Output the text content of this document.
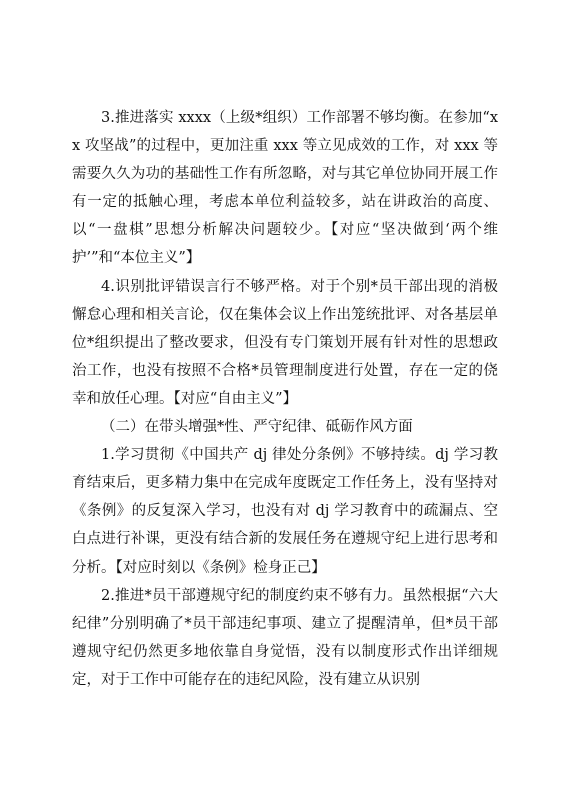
3.推进落实 xxxx（上级*组织）工作部署不够均衡。在参加“xx 攻坚战”的过程中，更加注重 xxx 等立见成效的工作，对 xxx 等需要久久为功的基础性工作有所忽略，对与其它单位协同开展工作有一定的抵触心理，考虑本单位利益较多，站在讲政治的高度、以“一盘棋”思想分析解决问题较少。【对应“坚决做到‘两个维护’”和“本位主义”】

4.识别批评错误言行不够严格。对于个别*员干部出现的消极懈怠心理和相关言论，仅在集体会议上作出笼统批评、对各基层单位*组织提出了整改要求，但没有专门策划开展有针对性的思想政治工作，也没有按照不合格*员管理制度进行处置，存在一定的侥幸和放任心理。【对应“自由主义”】

（二）在带头增强*性、严守纪律、砥砺作风方面

1.学习贯彻《中国共产 dj 律处分条例》不够持续。dj 学习教育结束后，更多精力集中在完成年度既定工作任务上，没有坚持对《条例》的反复深入学习，也没有对 dj 学习教育中的疏漏点、空白点进行补课，更没有结合新的发展任务在遵规守纪上进行思考和分析。【对应时刻以《条例》检身正己】

2.推进*员干部遵规守纪的制度约束不够有力。虽然根据“六大纪律”分别明确了*员干部违纪事项、建立了提醒清单，但*员干部遵规守纪仍然更多地依靠自身觉悟，没有以制度形式作出详细规定，对于工作中可能存在的违纪风险，没有建立从识别
